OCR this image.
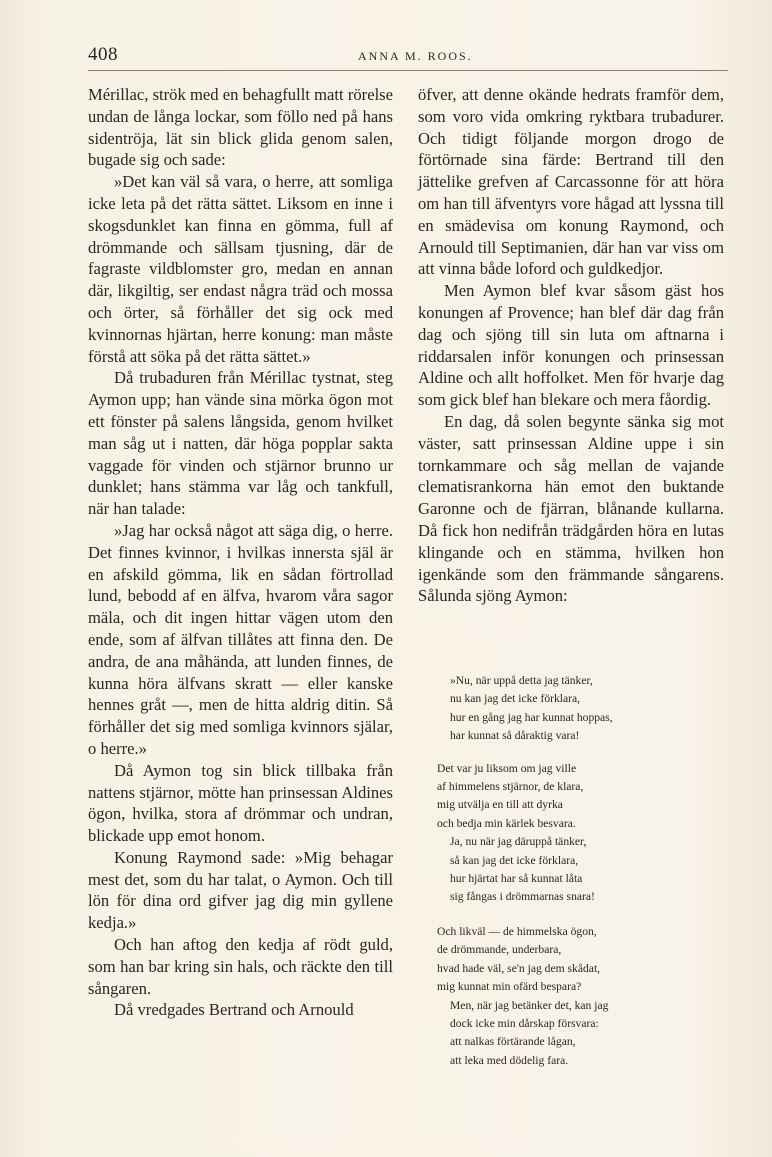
408	ANNA M. ROOS.

Mérillac, strök med en behagfullt matt rörelse undan de långa lockar, som föllo ned på hans sidentröja, lät sin blick glida genom salen, bugade sig och sade:

»Det kan väl så vara, o herre, att somliga icke leta på det rätta sättet. Liksom en inne i skogsdunklet kan finna en gömma, full af drömmande och sällsam tjusning, där de fagraste vildblomster gro, medan en annan där, likgiltig, ser endast några träd och mossa och örter, så förhåller det sig ock med kvinnornas hjärtan, herre konung: man måste förstå att söka på det rätta sättet.»

Då trubaduren från Mérillac tystnat, steg Aymon upp; han vände sina mörka ögon mot ett fönster på salens långsida, genom hvilket man såg ut i natten, där höga popplar sakta vaggade för vinden och stjärnor brunno ur dunklet; hans stämma var låg och tankfull, när han talade:

»Jag har också något att säga dig, o herre. Det finnes kvinnor, i hvilkas innersta själ är en afskild gömma, lik en sådan förtrollad lund, bebodd af en älfva, hvarom våra sagor mäla, och dit ingen hittar vägen utom den ende, som af älfvan tillåtes att finna den. De andra, de ana måhända, att lunden finnes, de kunna höra älfvans skratt — eller kanske hennes gråt —, men de hitta aldrig ditin. Så förhåller det sig med somliga kvinnors själar, o herre.»

Då Aymon tog sin blick tillbaka från nattens stjärnor, mötte han prinsessan Aldines ögon, hvilka, stora af drömmar och undran, blickade upp emot honom.

Konung Raymond sade: »Mig behagar mest det, som du har talat, o Aymon. Och till lön för dina ord gifver jag dig min gyllene kedja.»

Och han aftog den kedja af rödt guld, som han bar kring sin hals, och räckte den till sångaren.

Då vredgades Bertrand och Arnould

öfver, att denne okände hedrats framför dem, som voro vida omkring ryktbara trubadurer. Och tidigt följande morgon drogo de förtörnade sina färde: Bertrand till den jättelike grefven af Carcassonne för att höra om han till äfventyrs vore hågad att lyssna till en smädevisa om konung Raymond, och Arnould till Septimanien, där han var viss om att vinna både loford och guldkedjor.

Men Aymon blef kvar såsom gäst hos konungen af Provence; han blef där dag från dag och sjöng till sin luta om aftnarna i riddarsalen inför konungen och prinsessan Aldine och allt hoffolket. Men för hvarje dag som gick blef han blekare och mera fåordig.

En dag, då solen begynte sänka sig mot väster, satt prinsessan Aldine uppe i sin tornkammare och såg mellan de vajande clematisrankorna hän emot den buktande Garonne och de fjärran, blånande kullarna. Då fick hon nedifrån trädgården höra en lutas klingande och en stämma, hvilken hon igenkände som den främmande sångarens. Sålunda sjöng Aymon:

»Nu, när uppå detta jag tänker,
nu kan jag det icke förklara,
hur en gång jag har kunnat hoppas,
har kunnat så dåraktig vara!
Det var ju liksom om jag ville
af himmelens stjärnor, de klara,
mig utvälja en till att dyrka
och bedja min kärlek besvara.
Ja, nu när jag däruppå tänker,
så kan jag det icke förklara,
hur hjärtat har så kunnat låta
sig fångas i drömmarnas snara!
Och likväl — de himmelska ögon,
de drömmande, underbara,
hvad hade väl, se'n jag dem skådat,
mig kunnat min ofärd bespara?
Men, när jag betänker det, kan jag
dock icke min dårskap försvara:
att nalkas förtärande lågan,
att leka med dödelig fara.
